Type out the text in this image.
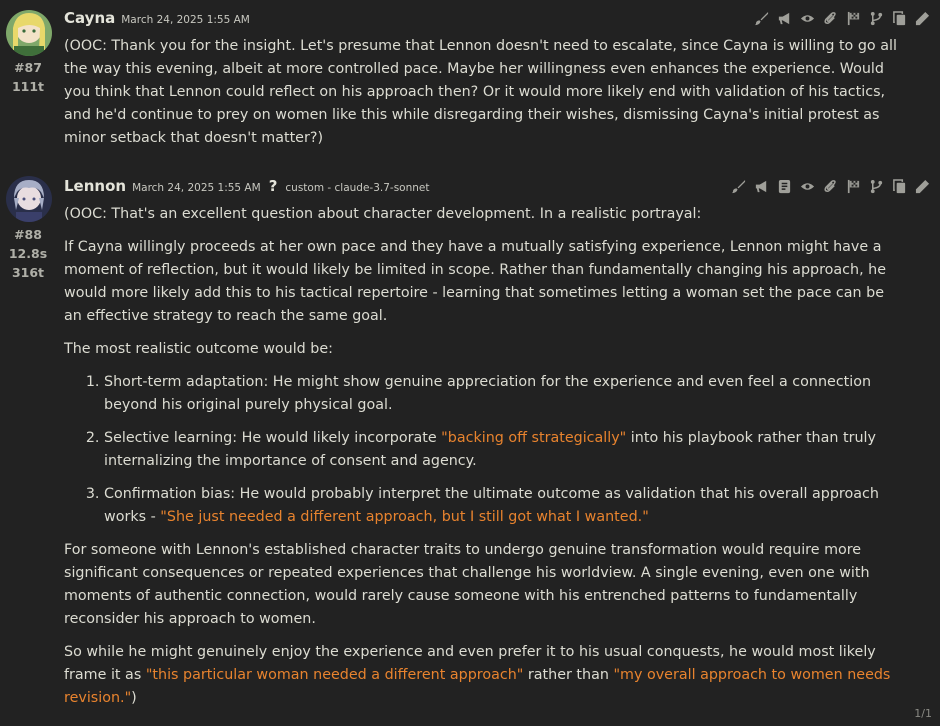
#87
111t
Cayna March 24, 2025 1:55 AM

(OOC: Thank you for the insight. Let's presume that Lennon doesn't need to escalate, since Cayna is willing to go all the way this evening, albeit at more controlled pace. Maybe her willingness even enhances the experience. Would you think that Lennon could reflect on his approach then? Or it would more likely end with validation of his tactics, and he'd continue to prey on women like this while disregarding their wishes, dismissing Cayna's initial protest as minor setback that doesn't matter?)

#88
12.8s
316t
Lennon March 24, 2025 1:55 AM ? custom - claude-3.7-sonnet

(OOC: That's an excellent question about character development. In a realistic portrayal:

If Cayna willingly proceeds at her own pace and they have a mutually satisfying experience, Lennon might have a moment of reflection, but it would likely be limited in scope. Rather than fundamentally changing his approach, he would more likely add this to his tactical repertoire - learning that sometimes letting a woman set the pace can be an effective strategy to reach the same goal.

The most realistic outcome would be:

1. Short-term adaptation: He might show genuine appreciation for the experience and even feel a connection beyond his original purely physical goal.
2. Selective learning: He would likely incorporate "backing off strategically" into his playbook rather than truly internalizing the importance of consent and agency.
3. Confirmation bias: He would probably interpret the ultimate outcome as validation that his overall approach works - "She just needed a different approach, but I still got what I wanted."

For someone with Lennon's established character traits to undergo genuine transformation would require more significant consequences or repeated experiences that challenge his worldview. A single evening, even one with moments of authentic connection, would rarely cause someone with his entrenched patterns to fundamentally reconsider his approach to women.

So while he might genuinely enjoy the experience and even prefer it to his usual conquests, he would most likely frame it as "this particular woman needed a different approach" rather than "my overall approach to women needs revision.")

1/1
